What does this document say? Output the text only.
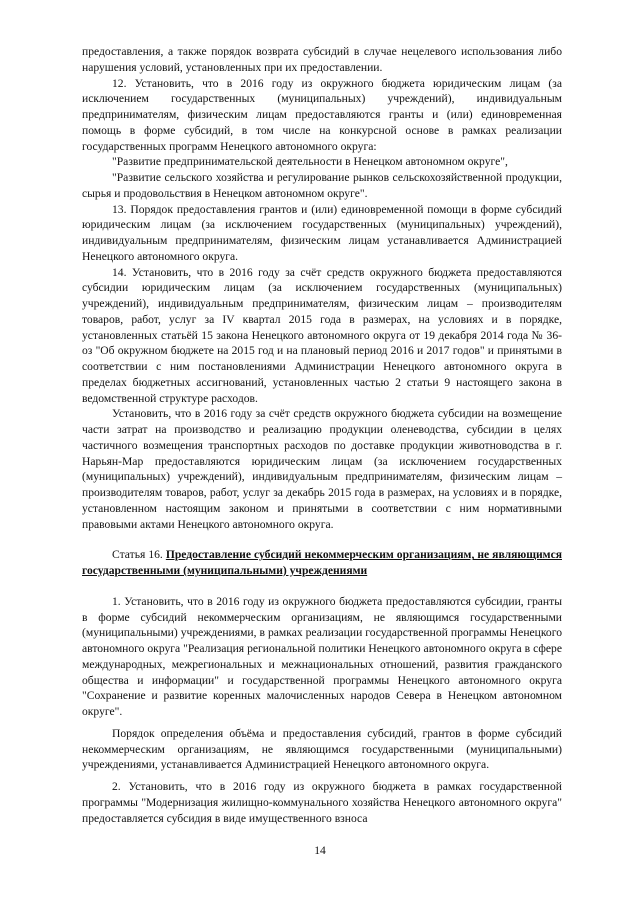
предоставления, а также порядок возврата субсидий в случае нецелевого использования либо нарушения условий, установленных при их предоставлении.

12. Установить, что в 2016 году из окружного бюджета юридическим лицам (за исключением государственных (муниципальных) учреждений), индивидуальным предпринимателям, физическим лицам предоставляются гранты и (или) единовременная помощь в форме субсидий, в том числе на конкурсной основе в рамках реализации государственных программ Ненецкого автономного округа:

"Развитие предпринимательской деятельности в Ненецком автономном округе",

"Развитие сельского хозяйства и регулирование рынков сельскохозяйственной продукции, сырья и продовольствия в Ненецком автономном округе".

13. Порядок предоставления грантов и (или) единовременной помощи в форме субсидий юридическим лицам (за исключением государственных (муниципальных) учреждений), индивидуальным предпринимателям, физическим лицам устанавливается Администрацией Ненецкого автономного округа.

14. Установить, что в 2016 году за счёт средств окружного бюджета предоставляются субсидии юридическим лицам (за исключением государственных (муниципальных) учреждений), индивидуальным предпринимателям, физическим лицам – производителям товаров, работ, услуг за IV квартал 2015 года в размерах, на условиях и в порядке, установленных статьёй 15 закона Ненецкого автономного округа от 19 декабря 2014 года № 36-оз "Об окружном бюджете на 2015 год и на плановый период 2016 и 2017 годов" и принятыми в соответствии с ним постановлениями Администрации Ненецкого автономного округа в пределах бюджетных ассигнований, установленных частью 2 статьи 9 настоящего закона в ведомственной структуре расходов.

Установить, что в 2016 году за счёт средств окружного бюджета субсидии на возмещение части затрат на производство и реализацию продукции оленеводства, субсидии в целях частичного возмещения транспортных расходов по доставке продукции животноводства в г. Нарьян-Мар предоставляются юридическим лицам (за исключением государственных (муниципальных) учреждений), индивидуальным предпринимателям, физическим лицам – производителям товаров, работ, услуг за декабрь 2015 года в размерах, на условиях и в порядке, установленном настоящим законом и принятыми в соответствии с ним нормативными правовыми актами Ненецкого автономного округа.

Статья 16. Предоставление субсидий некоммерческим организациям, не являющимся государственными (муниципальными) учреждениями

1. Установить, что в 2016 году из окружного бюджета предоставляются субсидии, гранты в форме субсидий некоммерческим организациям, не являющимся государственными (муниципальными) учреждениями, в рамках реализации государственной программы Ненецкого автономного округа "Реализация региональной политики Ненецкого автономного округа в сфере международных, межрегиональных и межнациональных отношений, развития гражданского общества и информации" и государственной программы Ненецкого автономного округа "Сохранение и развитие коренных малочисленных народов Севера в Ненецком автономном округе".

Порядок определения объёма и предоставления субсидий, грантов в форме субсидий некоммерческим организациям, не являющимся государственными (муниципальными) учреждениями, устанавливается Администрацией Ненецкого автономного округа.

2. Установить, что в 2016 году из окружного бюджета в рамках государственной программы "Модернизация жилищно-коммунального хозяйства Ненецкого автономного округа" предоставляется субсидия в виде имущественного взноса

14
